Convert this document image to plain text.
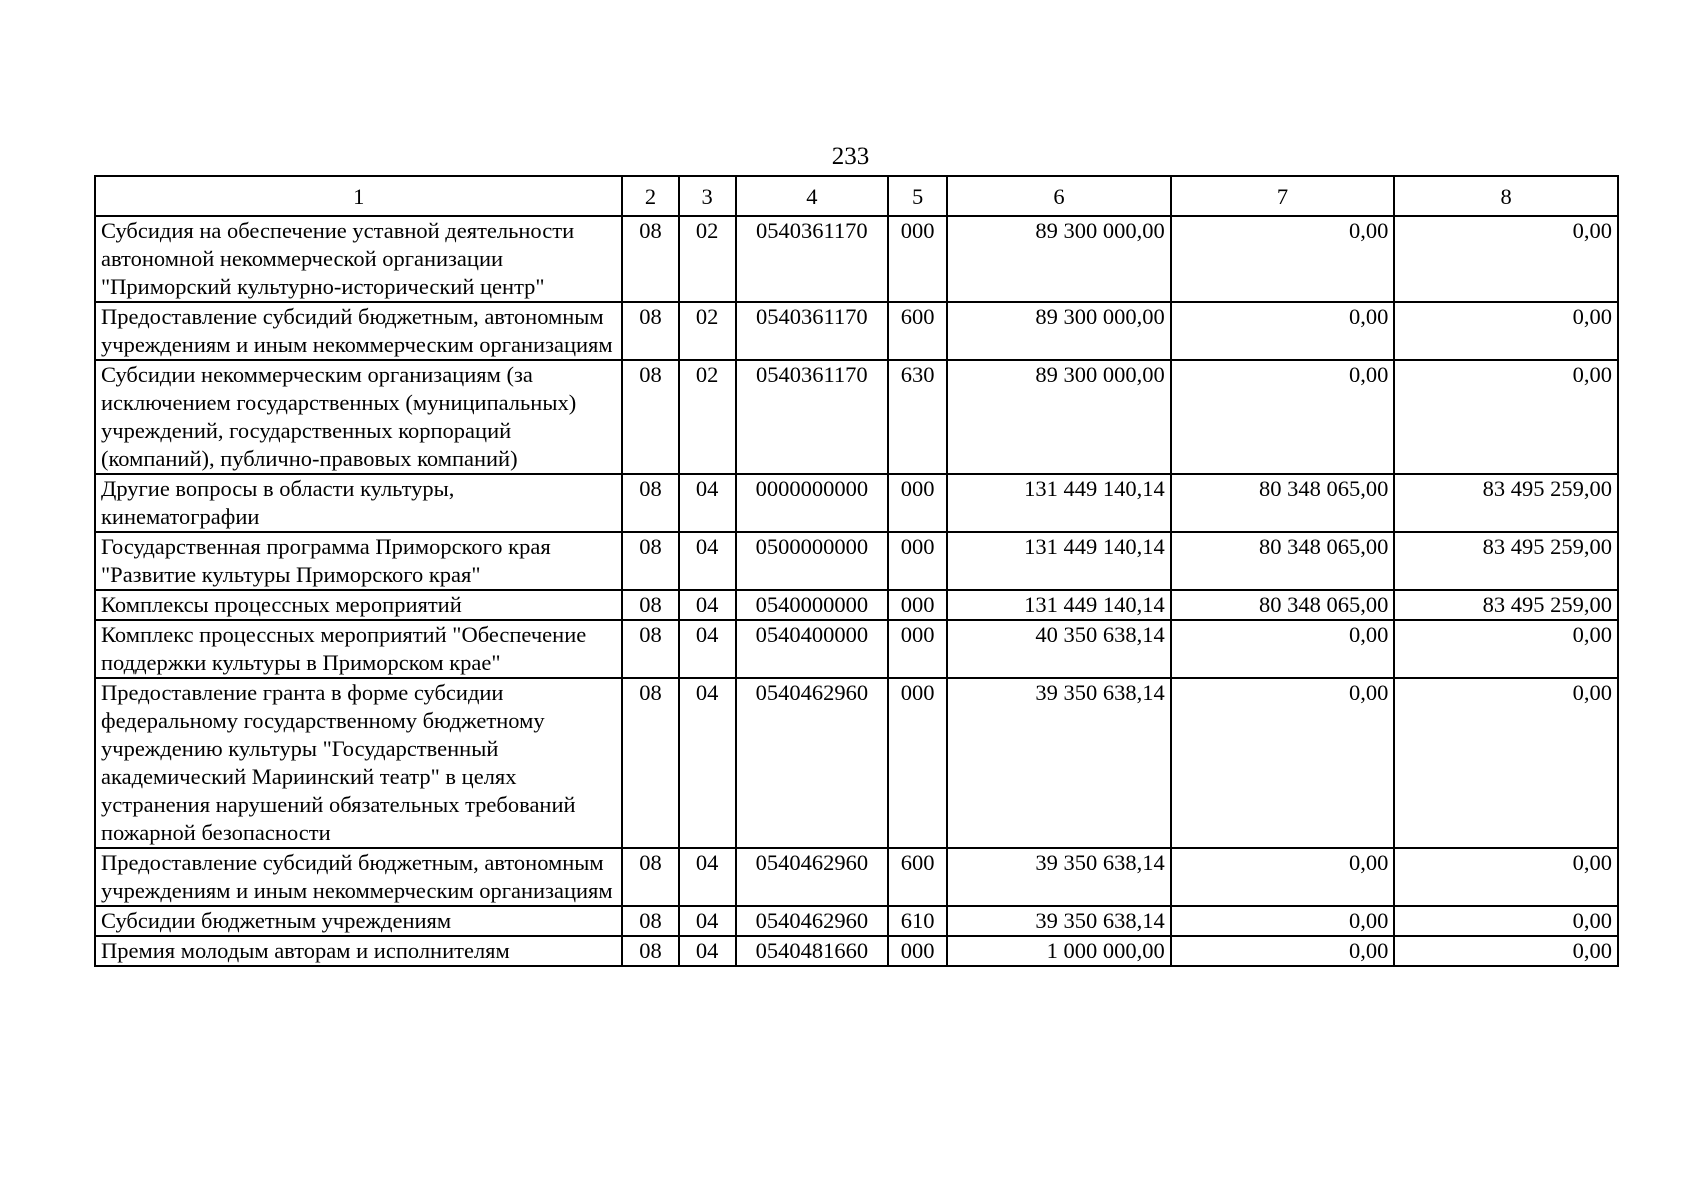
233
1	2	3	4	5	6	7	8
Субсидия на обеспечение уставной деятельности автономной некоммерческой организации "Приморский культурно-исторический центр"	08	02	0540361170	000	89 300 000,00	0,00	0,00
Предоставление субсидий бюджетным, автономным учреждениям и иным некоммерческим организациям	08	02	0540361170	600	89 300 000,00	0,00	0,00
Субсидии некоммерческим организациям (за исключением государственных (муниципальных) учреждений, государственных корпораций (компаний), публично-правовых компаний)	08	02	0540361170	630	89 300 000,00	0,00	0,00
Другие вопросы в области культуры, кинематографии	08	04	0000000000	000	131 449 140,14	80 348 065,00	83 495 259,00
Государственная программа Приморского края "Развитие культуры Приморского края"	08	04	0500000000	000	131 449 140,14	80 348 065,00	83 495 259,00
Комплексы процессных мероприятий	08	04	0540000000	000	131 449 140,14	80 348 065,00	83 495 259,00
Комплекс процессных мероприятий "Обеспечение поддержки культуры в Приморском крае"	08	04	0540400000	000	40 350 638,14	0,00	0,00
Предоставление гранта в форме субсидии федеральному государственному бюджетному учреждению культуры "Государственный академический Мариинский театр" в целях устранения нарушений обязательных требований пожарной безопасности	08	04	0540462960	000	39 350 638,14	0,00	0,00
Предоставление субсидий бюджетным, автономным учреждениям и иным некоммерческим организациям	08	04	0540462960	600	39 350 638,14	0,00	0,00
Субсидии бюджетным учреждениям	08	04	0540462960	610	39 350 638,14	0,00	0,00
Премия молодым авторам и исполнителям	08	04	0540481660	000	1 000 000,00	0,00	0,00
